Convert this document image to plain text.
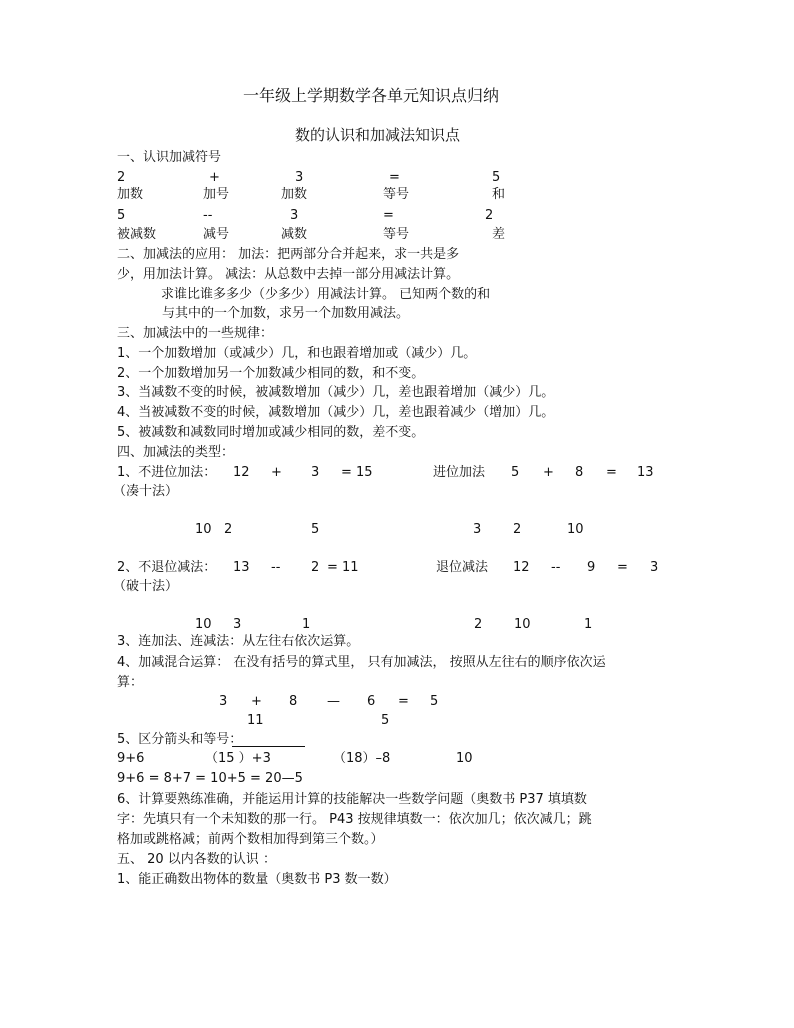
一年级上学期数学各单元知识点归纳
数的认识和加减法知识点
一、认识加减符号
2	+	3	=	5
加数	加号	加数	等号	和
5	--	3	=	2
被减数	减号	减数	等号	差
二、加减法的应用： 加法：把两部分合并起来，求一共是多
少，用加法计算。 减法：从总数中去掉一部分用减法计算。
求谁比谁多多少（少多少）用减法计算。 已知两个数的和
与其中的一个加数，求另一个加数用减法。
三、加减法中的一些规律：
1、一个加数增加（或减少）几，和也跟着增加或（减少）几。
2、一个加数增加另一个加数减少相同的数，和不变。
3、当减数不变的时候，被减数增加（减少）几，差也跟着增加（减少）几。
4、当被减数不变的时候，减数增加（减少）几，差也跟着减少（增加）几。
5、被减数和减数同时增加或减少相同的数，差不变。
四、加减法的类型：
1、不进位加法： 12 + 3 = 15	进位加法 5 + 8 = 13
（凑十法）
10 2	5	3 2	10
2、不退位减法： 13 -- 2 = 11	退位减法 12 -- 9 = 3
（破十法）
10 3	1	2 10	1
3、连加法、连减法：从左往右依次运算。
4、加减混合运算： 在没有括号的算式里， 只有加减法， 按照从左往右的顺序依次运
算：
3 + 8 — 6 = 5
11	5
5、区分箭头和等号：
9+6	（15 ）+3	（18）–8	10
9+6 = 8+7 = 10+5 = 20—5
6、计算要熟练准确，并能运用计算的技能解决一些数学问题（奥数书 P37 填填数
字：先填只有一个未知数的那一行。 P43 按规律填数一：依次加几；依次减几；跳
格加或跳格减；前两个数相加得到第三个数。）
五、 20 以内各数的认识 ：
1、能正确数出物体的数量（奥数书 P3 数一数）
